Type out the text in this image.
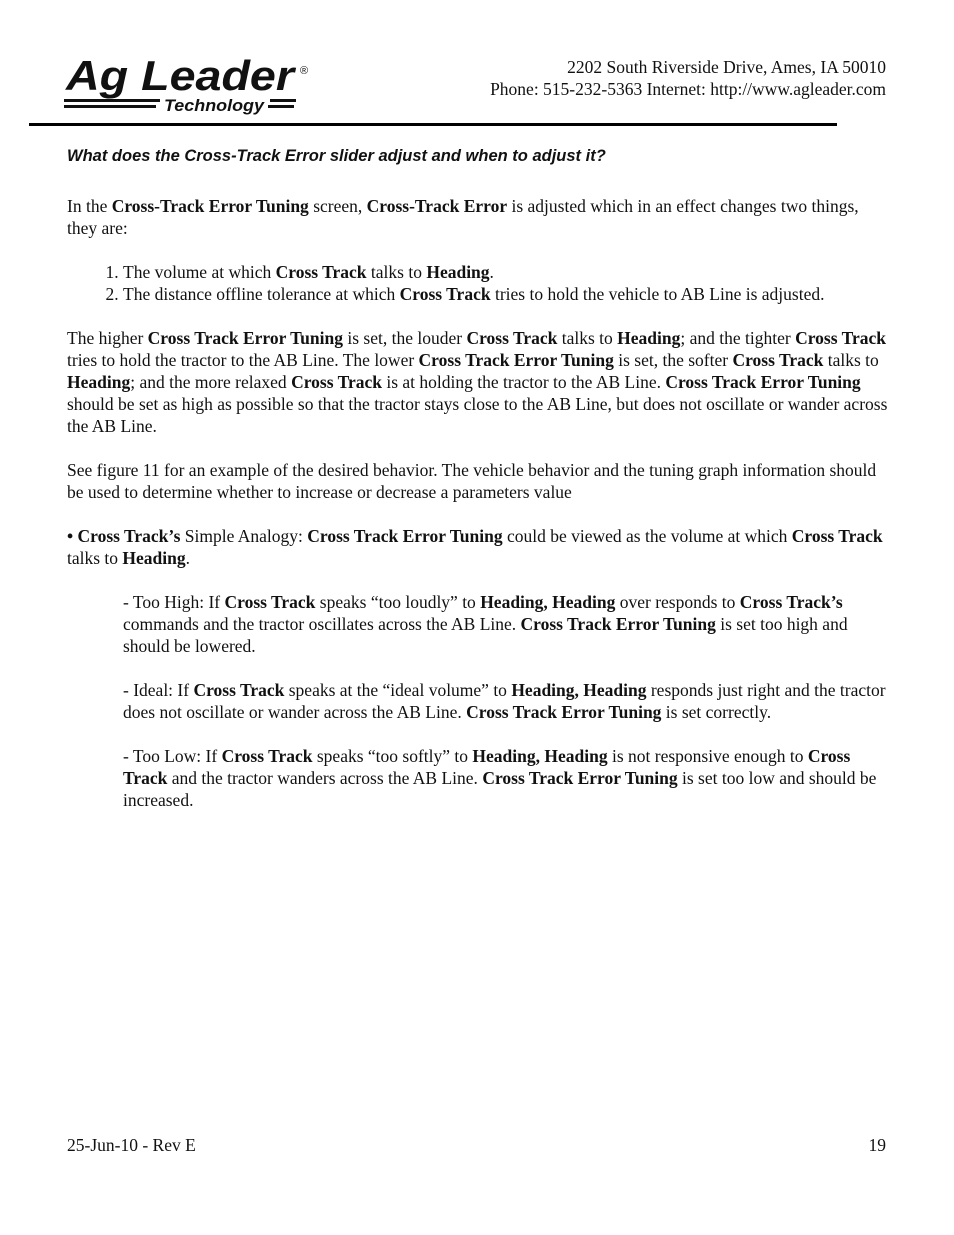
Ag Leader ®
Technology
2202 South Riverside Drive, Ames, IA 50010
Phone: 515-232-5363 Internet: http://www.agleader.com

What does the Cross-Track Error slider adjust and when to adjust it?

In the Cross-Track Error Tuning screen, Cross-Track Error is adjusted which in an effect changes two things, they are:

1. The volume at which Cross Track talks to Heading.
2. The distance offline tolerance at which Cross Track tries to hold the vehicle to AB Line is adjusted.

The higher Cross Track Error Tuning is set, the louder Cross Track talks to Heading; and the tighter Cross Track tries to hold the tractor to the AB Line. The lower Cross Track Error Tuning is set, the softer Cross Track talks to Heading; and the more relaxed Cross Track is at holding the tractor to the AB Line. Cross Track Error Tuning should be set as high as possible so that the tractor stays close to the AB Line, but does not oscillate or wander across the AB Line.

See figure 11 for an example of the desired behavior. The vehicle behavior and the tuning graph information should be used to determine whether to increase or decrease a parameters value

• Cross Track’s Simple Analogy: Cross Track Error Tuning could be viewed as the volume at which Cross Track talks to Heading.

- Too High: If Cross Track speaks “too loudly” to Heading, Heading over responds to Cross Track’s commands and the tractor oscillates across the AB Line. Cross Track Error Tuning is set too high and should be lowered.

- Ideal: If Cross Track speaks at the “ideal volume” to Heading, Heading responds just right and the tractor does not oscillate or wander across the AB Line. Cross Track Error Tuning is set correctly.

- Too Low: If Cross Track speaks “too softly” to Heading, Heading is not responsive enough to Cross Track and the tractor wanders across the AB Line. Cross Track Error Tuning is set too low and should be increased.

25-Jun-10 - Rev E	19
